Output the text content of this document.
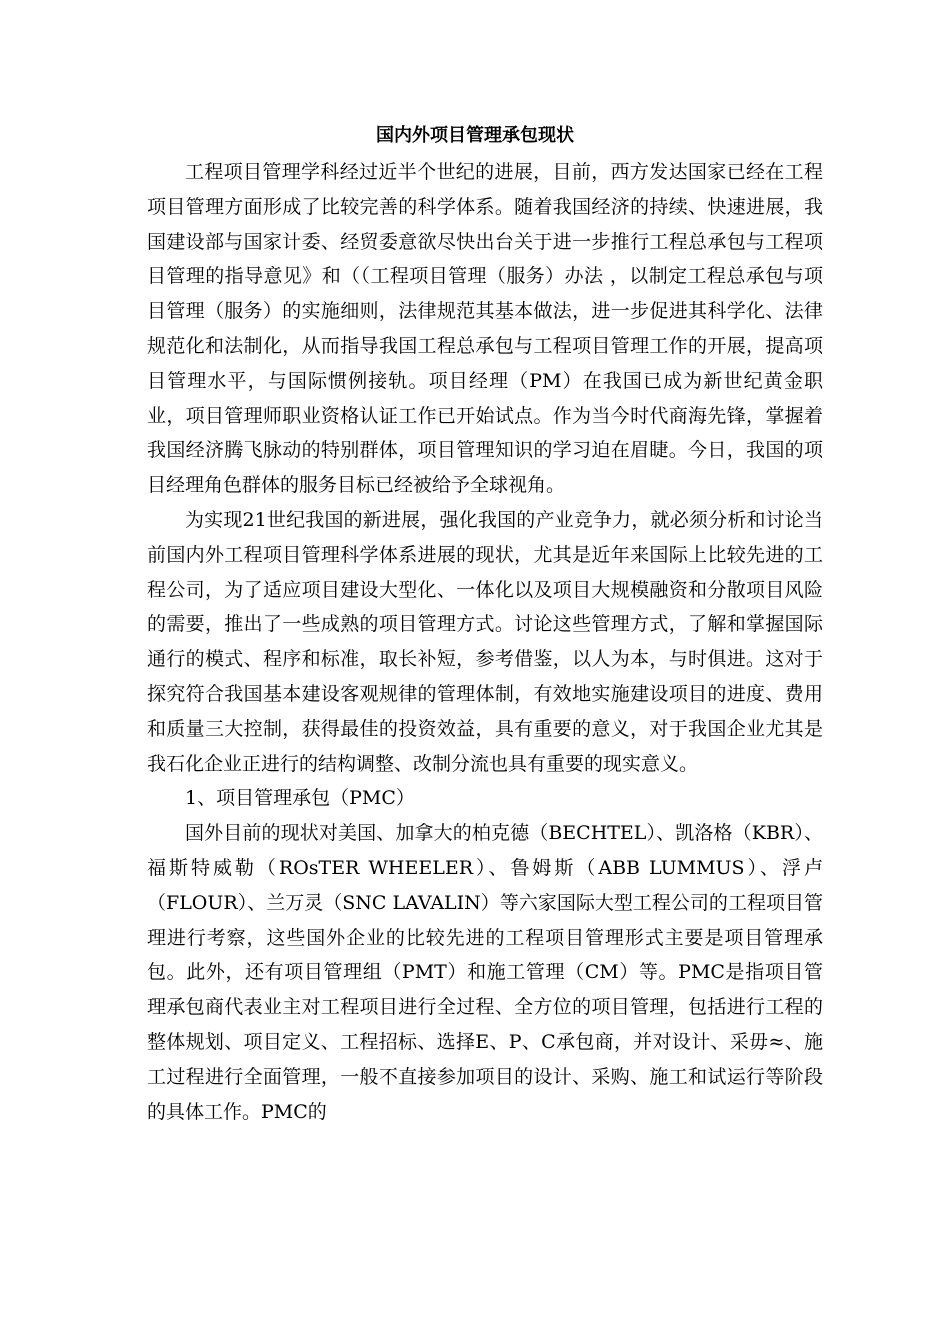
国内外项目管理承包现状

工程项目管理学科经过近半个世纪的进展，目前，西方发达国家已经在工程项目管理方面形成了比较完善的科学体系。随着我国经济的持续、快速进展，我国建设部与国家计委、经贸委意欲尽快出台关于进一步推行工程总承包与工程项目管理的指导意见》和（（工程项目管理（服务）办法 ，以制定工程总承包与项目管理（服务）的实施细则，法律规范其基本做法，进一步促进其科学化、法律规范化和法制化，从而指导我国工程总承包与工程项目管理工作的开展，提高项目管理水平，与国际惯例接轨。项目经理（PM）在我国已成为新世纪黄金职业，项目管理师职业资格认证工作已开始试点。作为当今时代商海先锋，掌握着我国经济腾飞脉动的特别群体，项目管理知识的学习迫在眉睫。今日，我国的项目经理角色群体的服务目标已经被给予全球视角。

为实现21世纪我国的新进展，强化我国的产业竞争力，就必须分析和讨论当前国内外工程项目管理科学体系进展的现状，尤其是近年来国际上比较先进的工程公司，为了适应项目建设大型化、一体化以及项目大规模融资和分散项目风险的需要，推出了一些成熟的项目管理方式。讨论这些管理方式，了解和掌握国际通行的模式、程序和标准，取长补短，参考借鉴，以人为本，与时俱进。这对于探究符合我国基本建设客观规律的管理体制，有效地实施建设项目的进度、费用和质量三大控制，获得最佳的投资效益，具有重要的意义，对于我国企业尤其是我石化企业正进行的结构调整、改制分流也具有重要的现实意义。

1、项目管理承包（PMC）

国外目前的现状对美国、加拿大的柏克德（BECHTEL）、凯洛格（KBR）、福斯特威勒（ROsTER WHEELER）、鲁姆斯（ABB LUMMUS）、浮卢（FLOUR）、兰万灵（SNC LAVALIN）等六家国际大型工程公司的工程项目管理进行考察，这些国外企业的比较先进的工程项目管理形式主要是项目管理承包。此外，还有项目管理组（PMT）和施工管理（CM）等。PMC是指项目管理承包商代表业主对工程项目进行全过程、全方位的项目管理，包括进行工程的整体规划、项目定义、工程招标、选择E、P、C承包商，并对设计、采毋≈、施工过程进行全面管理，一般不直接参加项目的设计、采购、施工和试运行等阶段的具体工作。PMC的
